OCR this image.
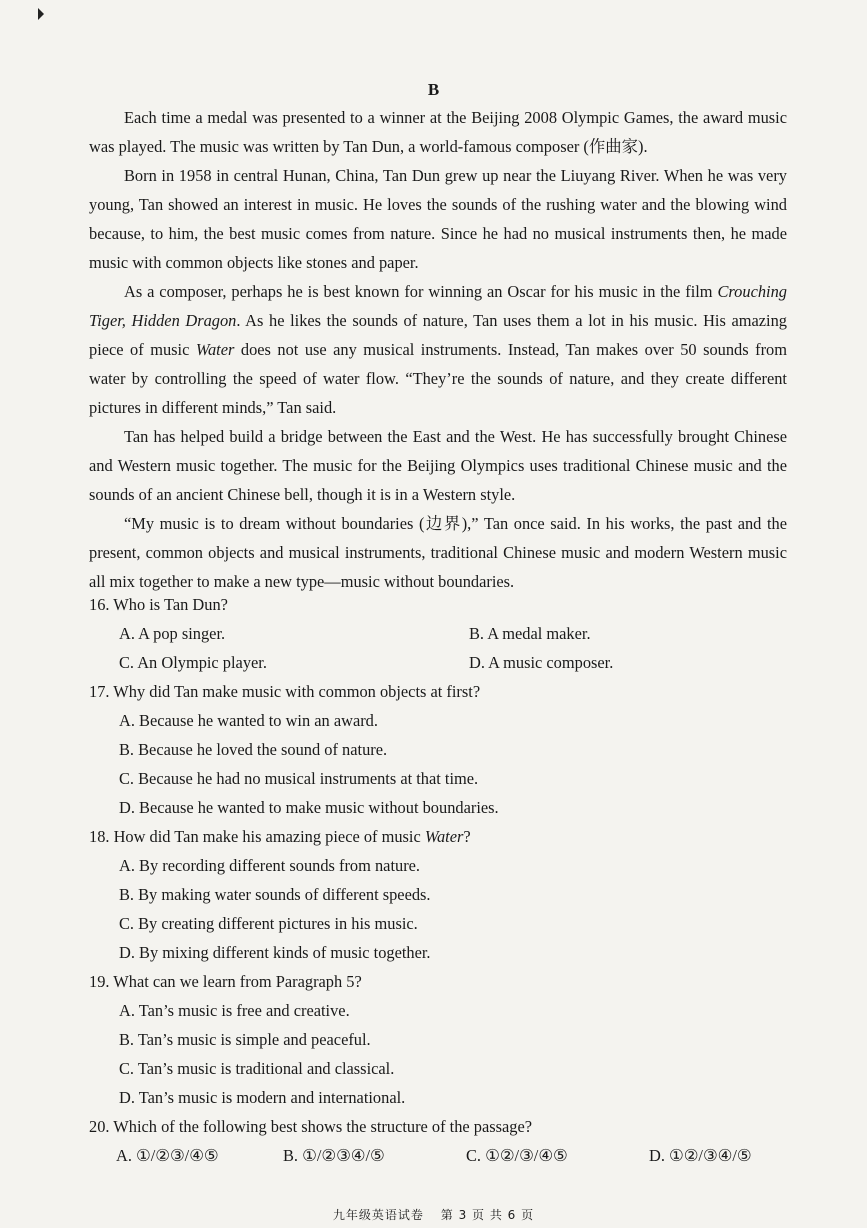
B

Each time a medal was presented to a winner at the Beijing 2008 Olympic Games, the award music was played. The music was written by Tan Dun, a world-famous composer (作曲家).

Born in 1958 in central Hunan, China, Tan Dun grew up near the Liuyang River. When he was very young, Tan showed an interest in music. He loves the sounds of the rushing water and the blowing wind because, to him, the best music comes from nature. Since he had no musical instruments then, he made music with common objects like stones and paper.

As a composer, perhaps he is best known for winning an Oscar for his music in the film Crouching Tiger, Hidden Dragon. As he likes the sounds of nature, Tan uses them a lot in his music. His amazing piece of music Water does not use any musical instruments. Instead, Tan makes over 50 sounds from water by controlling the speed of water flow. “They’re the sounds of nature, and they create different pictures in different minds,” Tan said.

Tan has helped build a bridge between the East and the West. He has successfully brought Chinese and Western music together. The music for the Beijing Olympics uses traditional Chinese music and the sounds of an ancient Chinese bell, though it is in a Western style.

“My music is to dream without boundaries (边界),” Tan once said. In his works, the past and the present, common objects and musical instruments, traditional Chinese music and modern Western music all mix together to make a new type—music without boundaries.

16. Who is Tan Dun?

A. A pop singer.	B. A medal maker.
C. An Olympic player.	D. A music composer.

17. Why did Tan make music with common objects at first?

A. Because he wanted to win an award.
B. Because he loved the sound of nature.
C. Because he had no musical instruments at that time.
D. Because he wanted to make music without boundaries.

18. How did Tan make his amazing piece of music Water?

A. By recording different sounds from nature.
B. By making water sounds of different speeds.
C. By creating different pictures in his music.
D. By mixing different kinds of music together.

19. What can we learn from Paragraph 5?

A. Tan’s music is free and creative.
B. Tan’s music is simple and peaceful.
C. Tan’s music is traditional and classical.
D. Tan’s music is modern and international.

20. Which of the following best shows the structure of the passage?

A. ①/②③/④⑤	B. ①/②③④/⑤	C. ①②/③/④⑤	D. ①②/③④/⑤
九年级英语试卷 第 3 页 共 6 页
